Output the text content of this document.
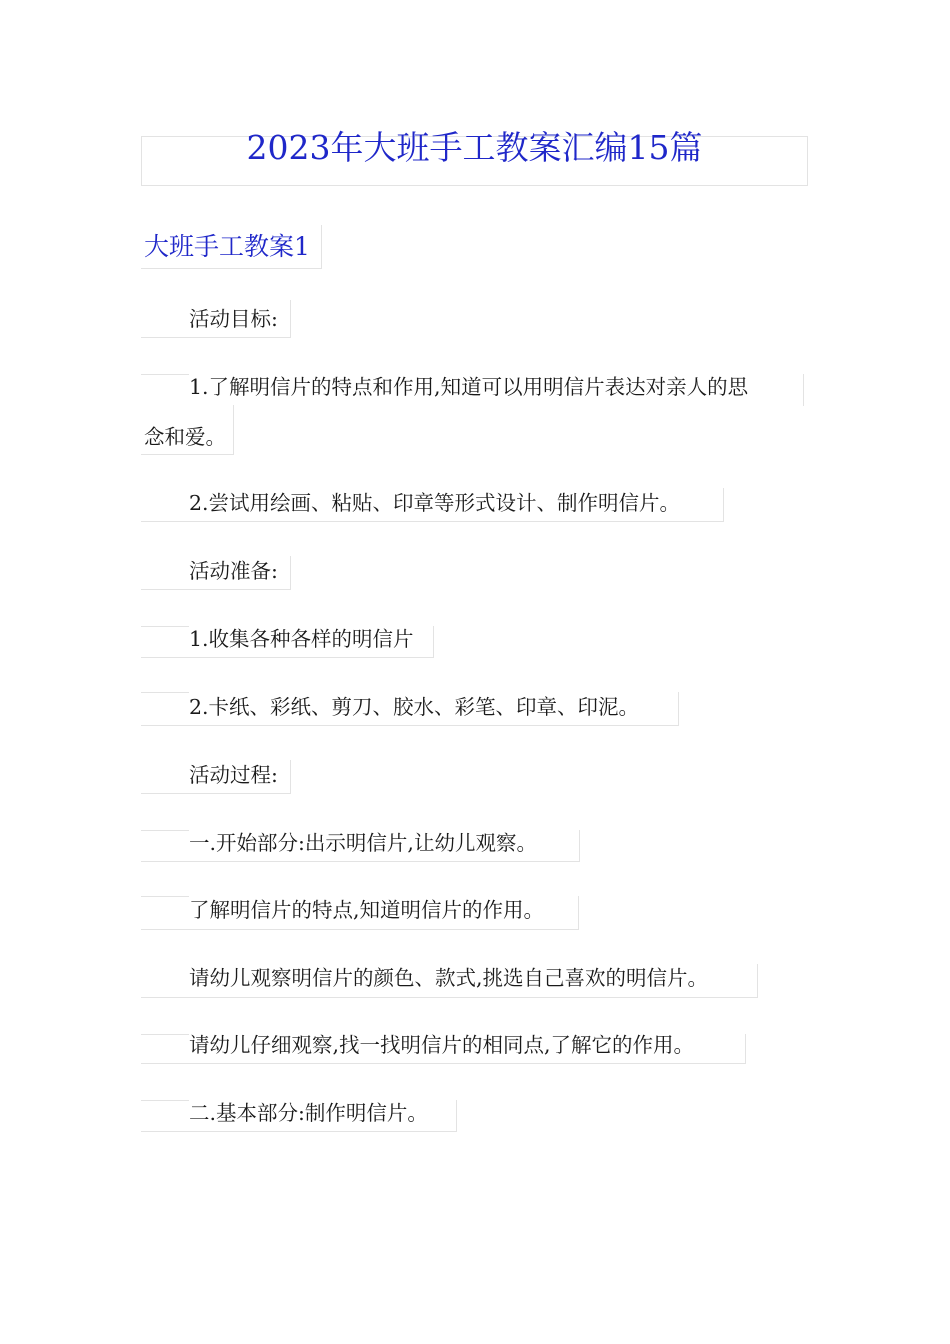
2023年大班手工教案汇编15篇
大班手工教案1
活动目标:
1.了解明信片的特点和作用,知道可以用明信片表达对亲人的思
念和爱。
2.尝试用绘画、粘贴、印章等形式设计、制作明信片。
活动准备:
1.收集各种各样的明信片
2.卡纸、彩纸、剪刀、胶水、彩笔、印章、印泥。
活动过程:
一.开始部分:出示明信片,让幼儿观察。
了解明信片的特点,知道明信片的作用。
请幼儿观察明信片的颜色、款式,挑选自己喜欢的明信片。
请幼儿仔细观察,找一找明信片的相同点,了解它的作用。
二.基本部分:制作明信片。
